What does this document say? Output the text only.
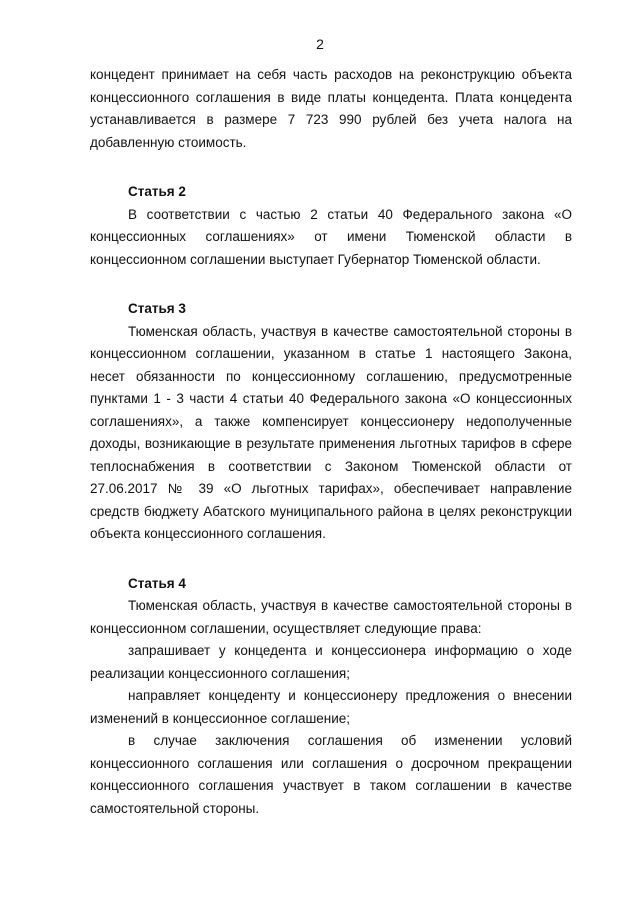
2

концедент принимает на себя часть расходов на реконструкцию объекта концессионного соглашения в виде платы концедента. Плата концедента устанавливается в размере 7 723 990 рублей без учета налога на добавленную стоимость.

Статья 2

В соответствии с частью 2 статьи 40 Федерального закона «О концессионных соглашениях» от имени Тюменской области в концессионном соглашении выступает Губернатор Тюменской области.

Статья 3

Тюменская область, участвуя в качестве самостоятельной стороны в концессионном соглашении, указанном в статье 1 настоящего Закона, несет обязанности по концессионному соглашению, предусмотренные пунктами 1 - 3 части 4 статьи 40 Федерального закона «О концессионных соглашениях», а также компенсирует концессионеру недополученные доходы, возникающие в результате применения льготных тарифов в сфере теплоснабжения в соответствии с Законом Тюменской области от 27.06.2017 № 39 «О льготных тарифах», обеспечивает направление средств бюджету Абатского муниципального района в целях реконструкции объекта концессионного соглашения.

Статья 4

Тюменская область, участвуя в качестве самостоятельной стороны в концессионном соглашении, осуществляет следующие права:

запрашивает у концедента и концессионера информацию о ходе реализации концессионного соглашения;

направляет концеденту и концессионеру предложения о внесении изменений в концессионное соглашение;

в случае заключения соглашения об изменении условий концессионного соглашения или соглашения о досрочном прекращении концессионного соглашения участвует в таком соглашении в качестве самостоятельной стороны.
